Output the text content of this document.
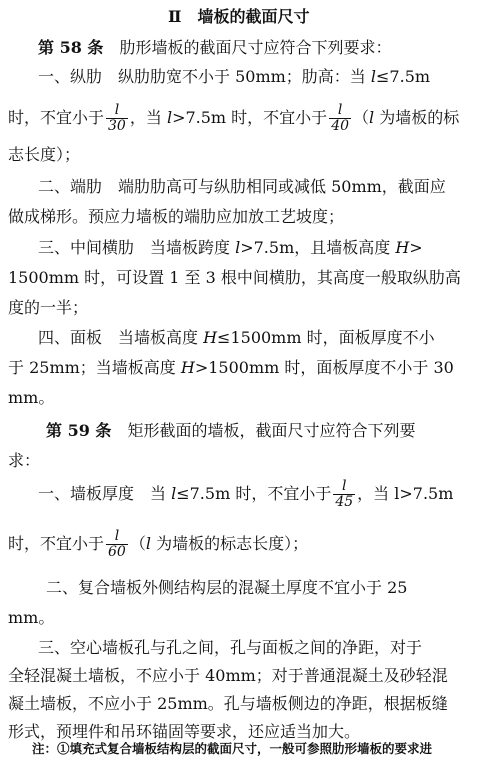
Ⅱ　墙板的截面尺寸
第 58 条　 肋形墙板的截面尺寸应符合下列要求：
一、纵肋　纵肋肋宽不小于 50mm；肋高：当 l≤7.5m
时，不宜小于 $\frac{l}{30}$ ，当 l>7.5m 时，不宜小于 $\frac{l}{40} (l$ 为墙板的标
志长度）；
二、端肋　端肋肋高可与纵肋相同或减低 50mm，截面应
做成梯形。预应力墙板的端肋应加放工艺坡度；
三、中间横肋　当墙板跨度 l>7.5m，且墙板高度 H>
1500mm 时，可设置 1 至 3 根中间横肋，其高度一般取纵肋高
度的一半；
四、面板　当墙板高度 H≤1500mm 时，面板厚度不小
于 25mm；当墙板高度 H>1500mm 时，面板厚度不小于 30
mm。
第 59 条　 矩形截面的墙板，截面尺寸应符合下列要
求：
一、墙板厚度　当 l≤7.5m 时，不宜小于 $\frac{l}{45}$ ，当 l>7.5m
时，不宜小于 $\frac{l}{60} (l$ 为墙板的标志长度）；
二、复合墙板外侧结构层的混凝土厚度不宜小于 25
mm。
三、空心墙板孔与孔之间，孔与面板之间的净距，对于
全轻混凝土墙板，不应小于 40mm；对于普通混凝土及砂轻混
凝土墙板，不应小于 25mm。孔与墙板侧边的净距，根据板缝
形式，预埋件和吊环锚固等要求，还应适当加大。
注：①填充式复合墙板结构层的截面尺寸，一般可参照肋形墙板的要求进
